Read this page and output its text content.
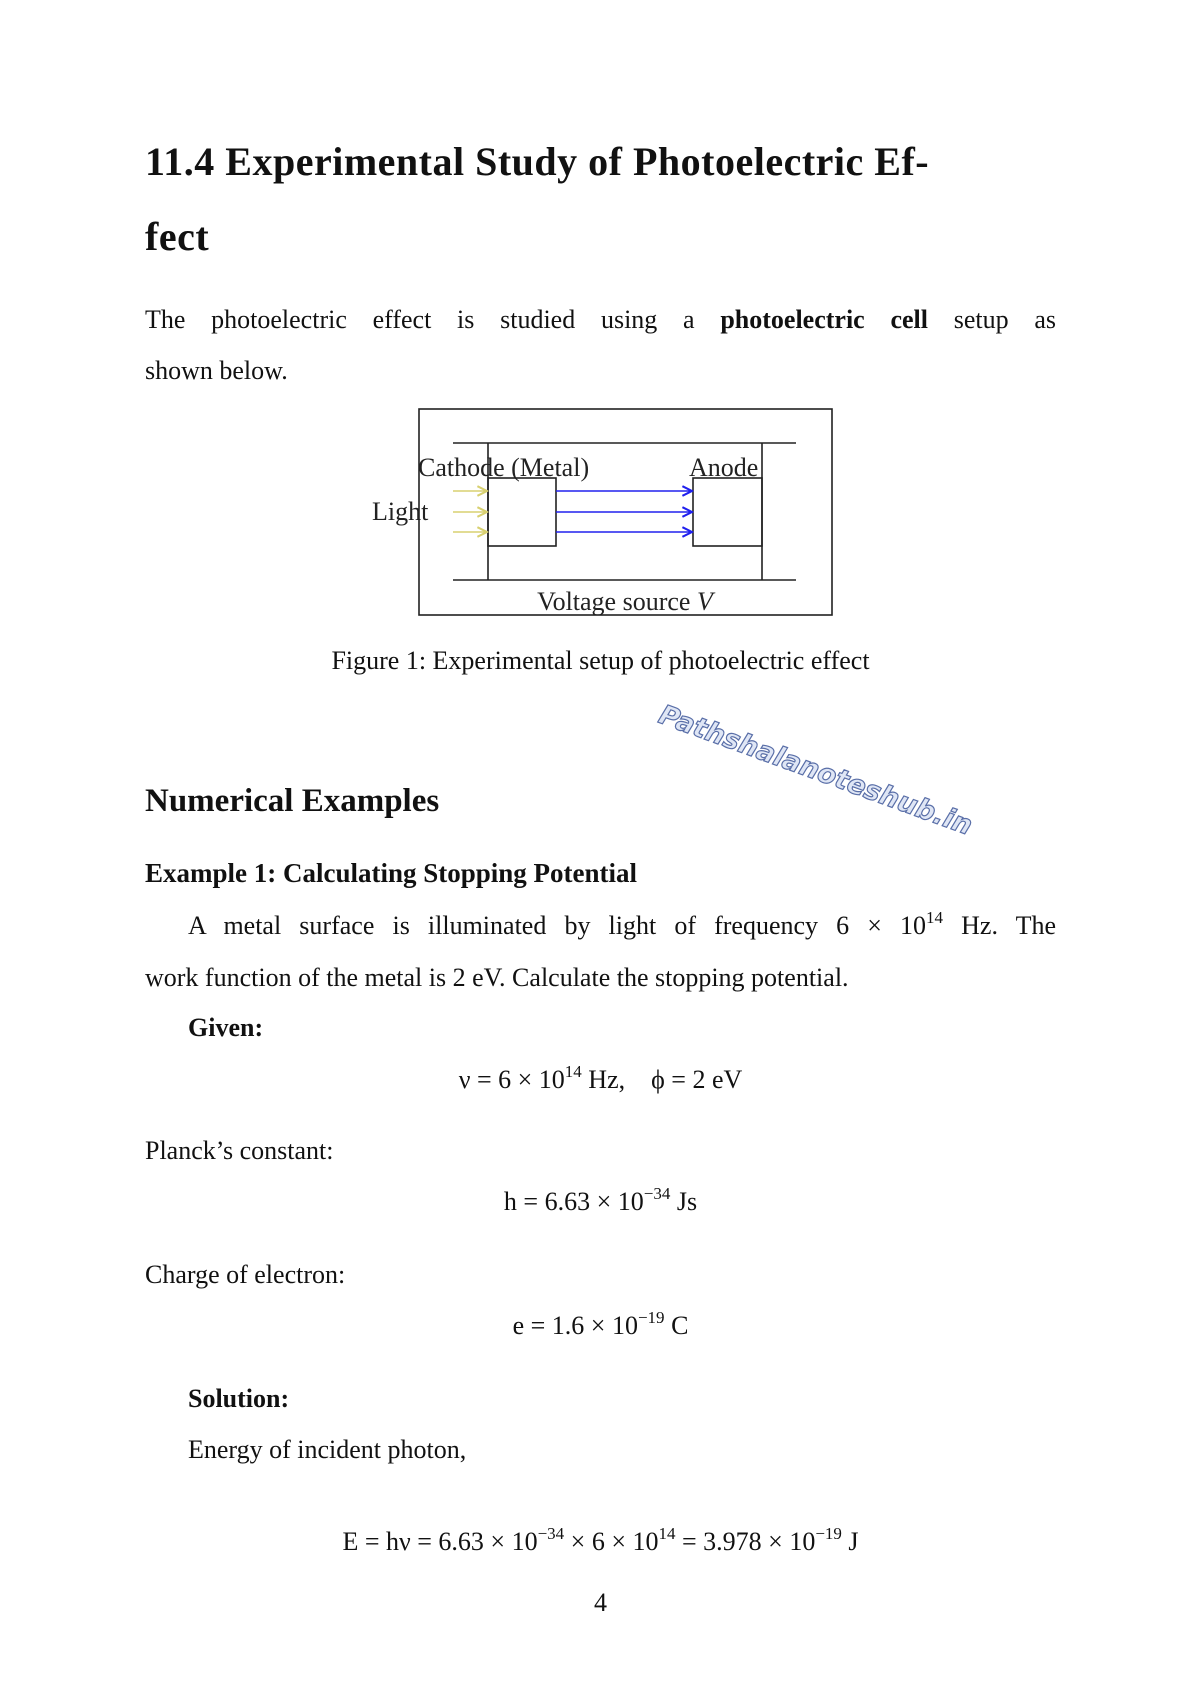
11.4 Experimental Study of Photoelectric Ef-
fect
The photoelectric effect is studied using a photoelectric cell setup as
shown below.
Cathode (Metal)	Anode
Light
Voltage source V
Figure 1: Experimental setup of photoelectric effect
Numerical Examples
Example 1: Calculating Stopping Potential
A metal surface is illuminated by light of frequency $6 \times 10^{14}$ Hz. The
work function of the metal is 2 eV. Calculate the stopping potential.
Given:
$\nu = 6 \times 10^{14}$ Hz,    ϕ = 2 eV
Planck’s constant:
$h = 6.63 \times 10^{-34}$ Js
Charge of electron:
$e = 1.6 \times 10^{-19}$ C
Solution:
Energy of incident photon,
$E = h\nu = 6.63 \times 10^{-34} \times 6 \times 10^{14} = 3.978 \times 10^{-19}$ J
4
Pathshalanoteshub.in
